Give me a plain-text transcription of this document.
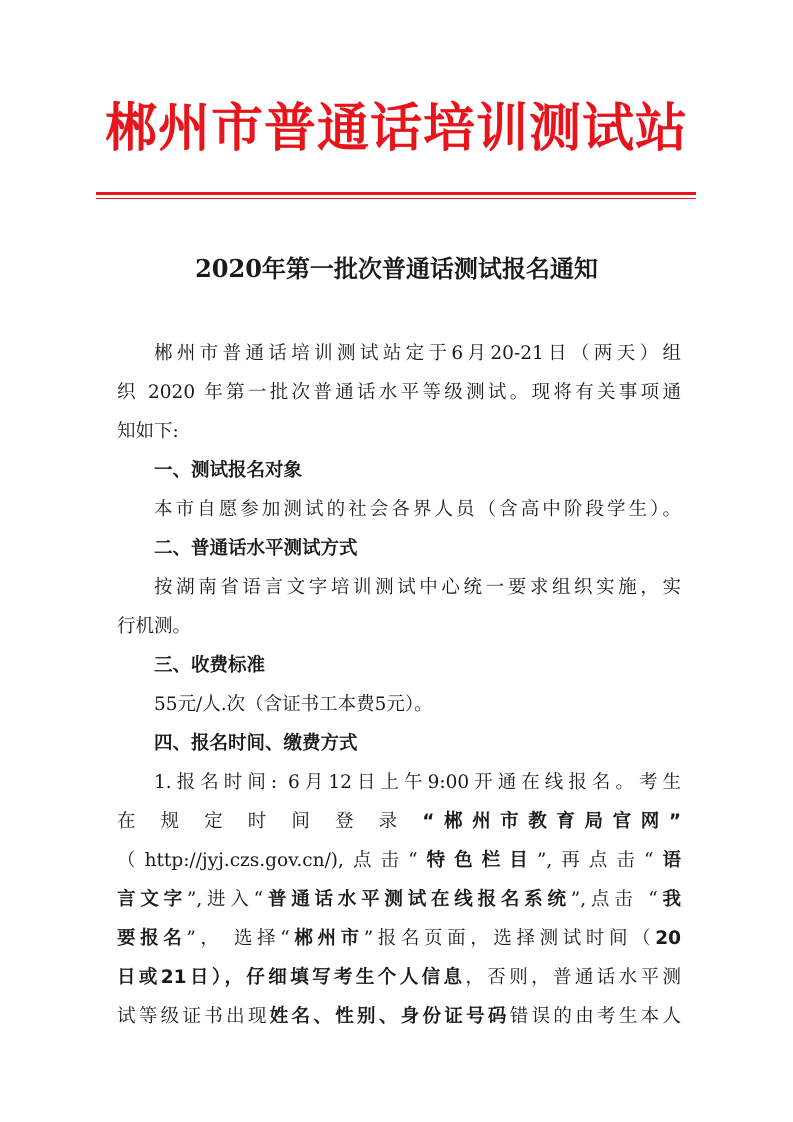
郴州市普通话培训测试站
2020年第一批次普通话测试报名通知
郴州市普通话培训测试站定于6月20-21日（两天）组
织 2020 年第一批次普通话水平等级测试。现将有关事项通
知如下:
一、测试报名对象
本市自愿参加测试的社会各界人员（含高中阶段学生）。
二、普通话水平测试方式
按湖南省语言文字培训测试中心统一要求组织实施，实
行机测。
三、收费标准
55元/人.次（含证书工本费5元）。
四、报名时间、缴费方式
1.报名时间: 6月12日上午9:00开通在线报名。考生
在 规 定 时 间 登 录 “郴州市教育局官网”
（http://jyj.czs.gov.cn/),点击“特色栏目”,再点击“语
言文字”,进入“普通话水平测试在线报名系统”,点击 “我
要报名”， 选择“郴州市”报名页面，选择测试时间（20
日或21日），仔细填写考生个人信息，否则，普通话水平测
试等级证书出现姓名、性别、身份证号码错误的由考生本人
